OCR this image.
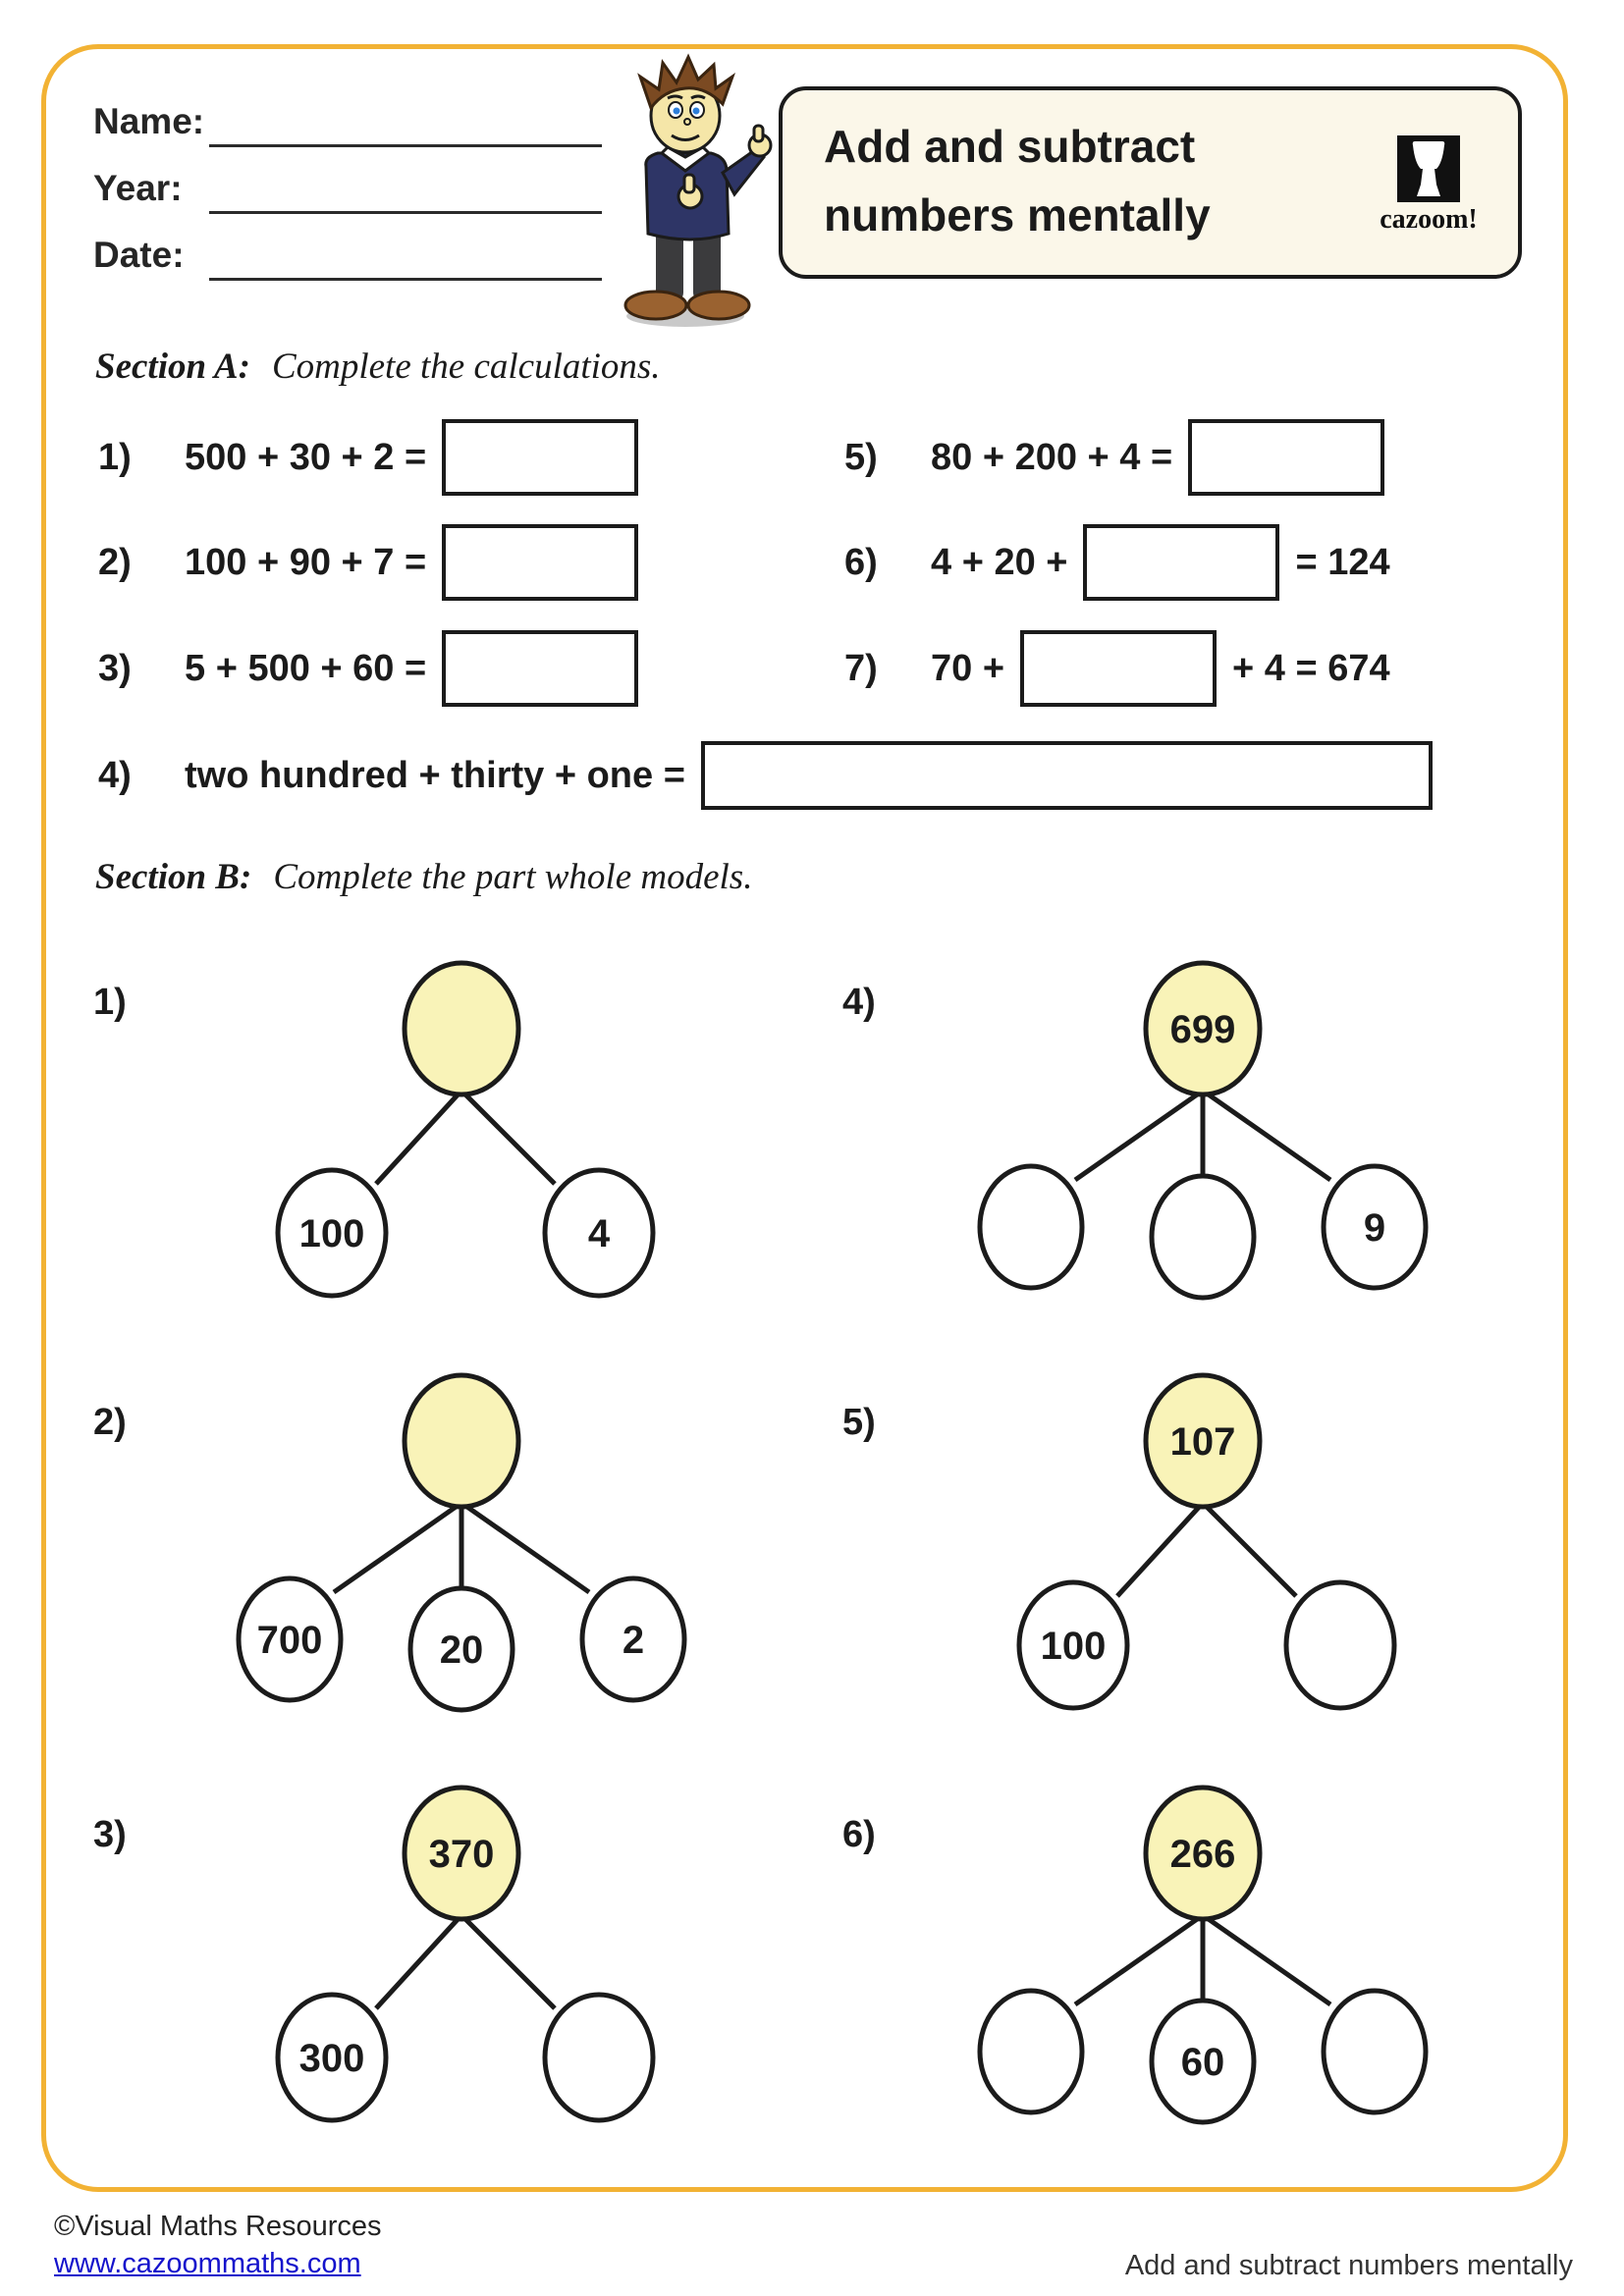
Name:
Year:
Date:
Add and subtract
numbers mentally	cazoom!
Section A: Complete the calculations.
1)	500 + 30 + 2 =
2)	100 + 90 + 7 =
3)	5 + 500 + 60 =
4)	two hundred + thirty + one =
5)	80 + 200 + 4 =
6)	4 + 20 +	= 124
7)	70 +	+ 4 = 674
Section B: Complete the part whole models.
1)
100	4
4)
699
9
2)
700	20	2
5)	107
100
3)	370
300
6)	266
60
©Visual Maths Resources
www.cazoommaths.com	Add and subtract numbers mentally
